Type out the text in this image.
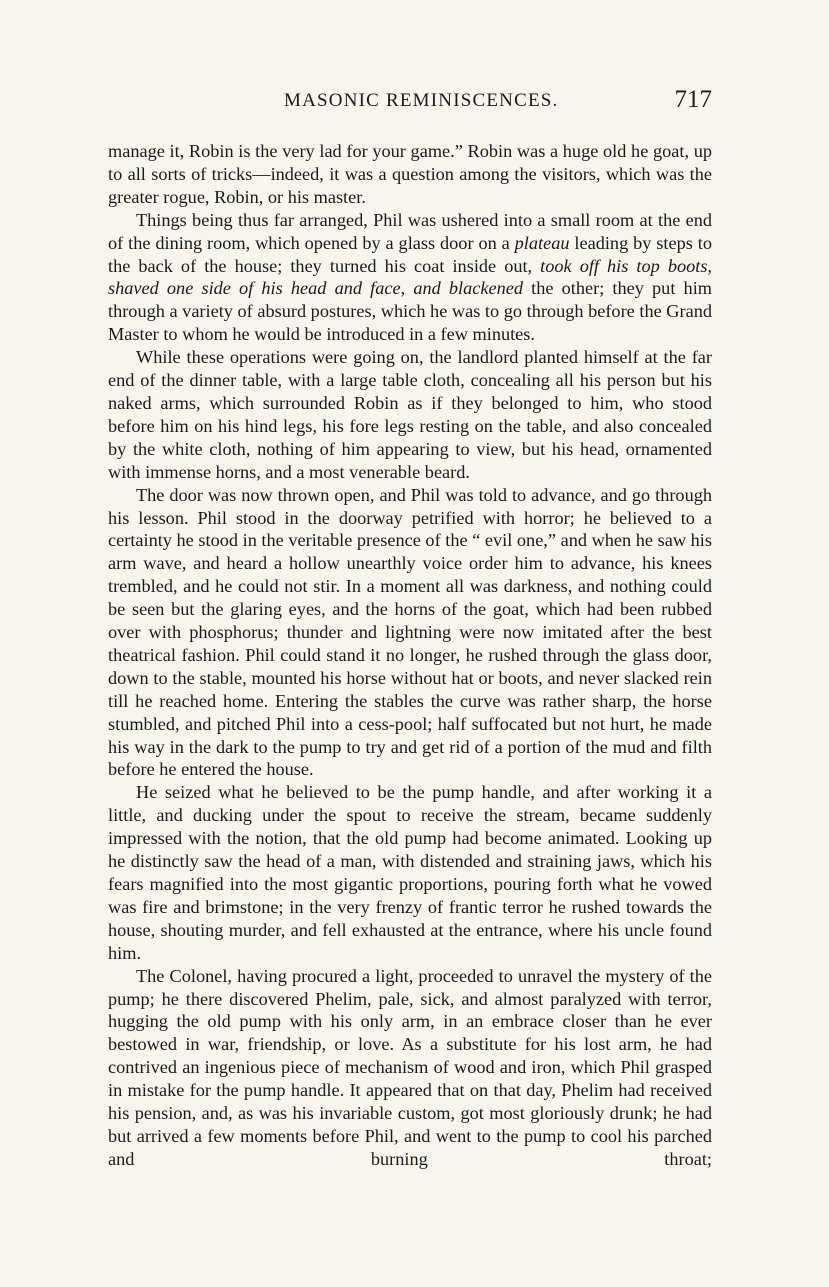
MASONIC REMINISCENCES.	717

manage it, Robin is the very lad for your game.” Robin was a huge old he goat, up to all sorts of tricks—indeed, it was a question among the visitors, which was the greater rogue, Robin, or his master.

Things being thus far arranged, Phil was ushered into a small room at the end of the dining room, which opened by a glass door on a plateau leading by steps to the back of the house; they turned his coat inside out, took off his top boots, shaved one side of his head and face, and blackened the other; they put him through a variety of absurd postures, which he was to go through before the Grand Master to whom he would be introduced in a few minutes.

While these operations were going on, the landlord planted himself at the far end of the dinner table, with a large table cloth, concealing all his person but his naked arms, which surrounded Robin as if they belonged to him, who stood before him on his hind legs, his fore legs resting on the table, and also concealed by the white cloth, nothing of him appearing to view, but his head, ornamented with immense horns, and a most venerable beard.

The door was now thrown open, and Phil was told to advance, and go through his lesson. Phil stood in the doorway petrified with horror; he believed to a certainty he stood in the veritable presence of the “ evil one,” and when he saw his arm wave, and heard a hollow unearthly voice order him to advance, his knees trembled, and he could not stir. In a moment all was darkness, and nothing could be seen but the glaring eyes, and the horns of the goat, which had been rubbed over with phosphorus; thunder and lightning were now imitated after the best theatrical fashion. Phil could stand it no longer, he rushed through the glass door, down to the stable, mounted his horse without hat or boots, and never slacked rein till he reached home. Entering the stables the curve was rather sharp, the horse stumbled, and pitched Phil into a cess-pool; half suffocated but not hurt, he made his way in the dark to the pump to try and get rid of a portion of the mud and filth before he entered the house.

He seized what he believed to be the pump handle, and after working it a little, and ducking under the spout to receive the stream, became suddenly impressed with the notion, that the old pump had become animated. Looking up he distinctly saw the head of a man, with distended and straining jaws, which his fears magnified into the most gigantic proportions, pouring forth what he vowed was fire and brimstone; in the very frenzy of frantic terror he rushed towards the house, shouting murder, and fell exhausted at the entrance, where his uncle found him.

The Colonel, having procured a light, proceeded to unravel the mystery of the pump; he there discovered Phelim, pale, sick, and almost paralyzed with terror, hugging the old pump with his only arm, in an embrace closer than he ever bestowed in war, friendship, or love. As a substitute for his lost arm, he had contrived an ingenious piece of mechanism of wood and iron, which Phil grasped in mistake for the pump handle. It appeared that on that day, Phelim had received his pension, and, as was his invariable custom, got most gloriously drunk; he had but arrived a few moments before Phil, and went to the pump to cool his parched and burning throat;
